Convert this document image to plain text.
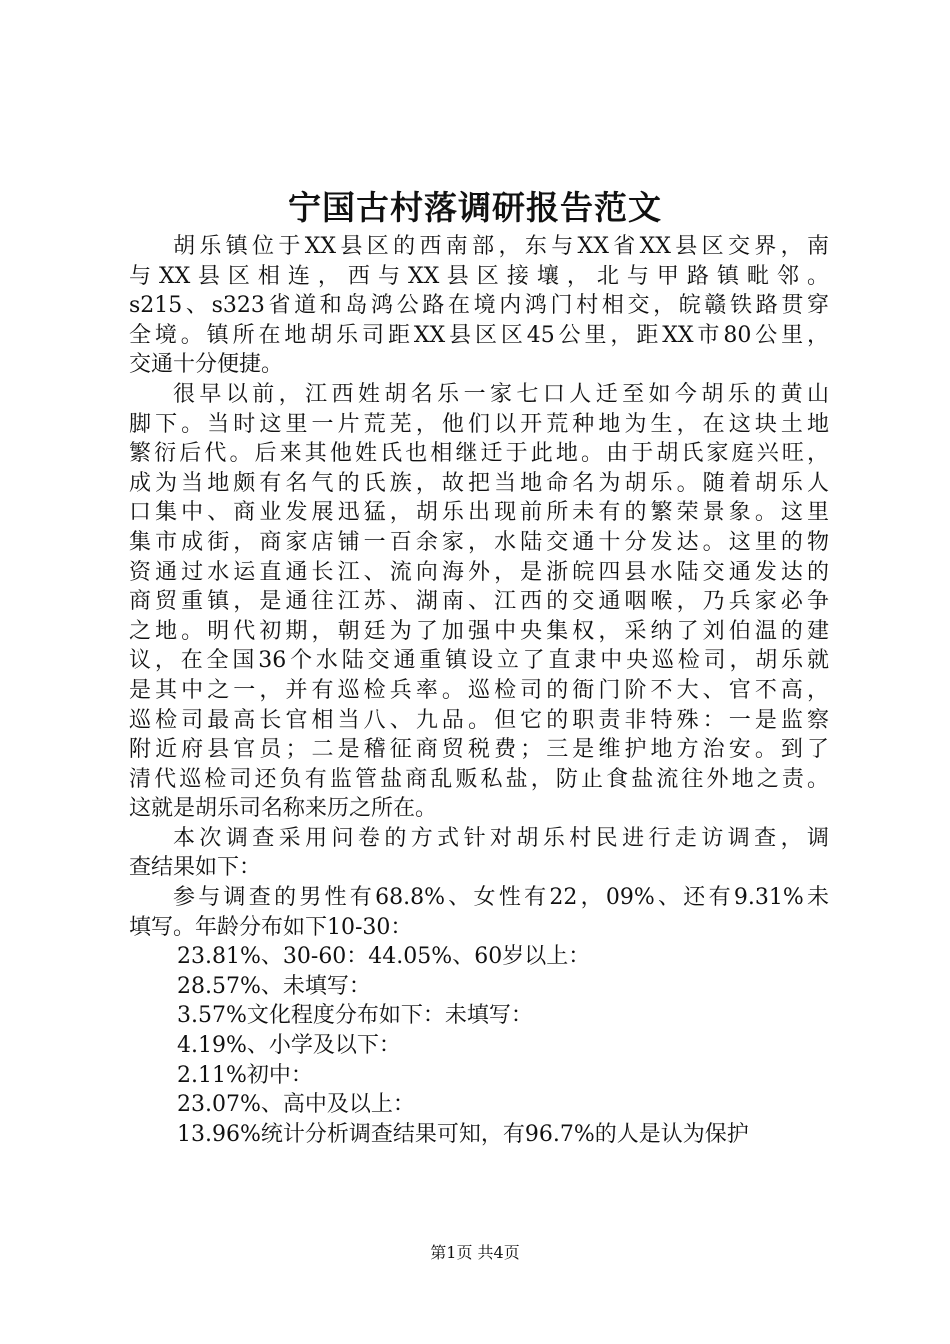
宁国古村落调研报告范文

胡乐镇位于XX县区的西南部，东与XX省XX县区交界，南
与 XX 县 区 相 连 ， 西 与 XX 县 区 接 壤 ， 北 与 甲 路 镇 毗 邻 。
s215、s323省道和岛鸿公路在境内鸿门村相交，皖赣铁路贯穿
全境。镇所在地胡乐司距XX县区区45公里，距XX市80公里，
交通十分便捷。

很早以前，江西姓胡名乐一家七口人迁至如今胡乐的黄山
脚下。当时这里一片荒芜，他们以开荒种地为生，在这块土地
繁衍后代。后来其他姓氏也相继迁于此地。由于胡氏家庭兴旺，
成为当地颇有名气的氏族，故把当地命名为胡乐。随着胡乐人
口集中、商业发展迅猛，胡乐出现前所未有的繁荣景象。这里
集市成街，商家店铺一百余家，水陆交通十分发达。这里的物
资通过水运直通长江、流向海外，是浙皖四县水陆交通发达的
商贸重镇，是通往江苏、湖南、江西的交通咽喉，乃兵家必争
之地。明代初期，朝廷为了加强中央集权，采纳了刘伯温的建
议，在全国36个水陆交通重镇设立了直隶中央巡检司，胡乐就
是其中之一，并有巡检兵率。巡检司的衙门阶不大、官不高，
巡检司最高长官相当八、九品。但它的职责非特殊：一是监察
附近府县官员；二是稽征商贸税费；三是维护地方治安。到了
清代巡检司还负有监管盐商乱贩私盐，防止食盐流往外地之责。
这就是胡乐司名称来历之所在。

本次调查采用问卷的方式针对胡乐村民进行走访调查，调
查结果如下：

参与调查的男性有68.8%、女性有22，09%、还有9.31%未
填写。年龄分布如下10-30：

23.81%、30-60：44.05%、60岁以上：
28.57%、未填写：
3.57%文化程度分布如下：未填写：
4.19%、小学及以下：
2.11%初中：
23.07%、高中及以上：
13.96%统计分析调查结果可知，有96.7%的人是认为保护

第1页 共4页
